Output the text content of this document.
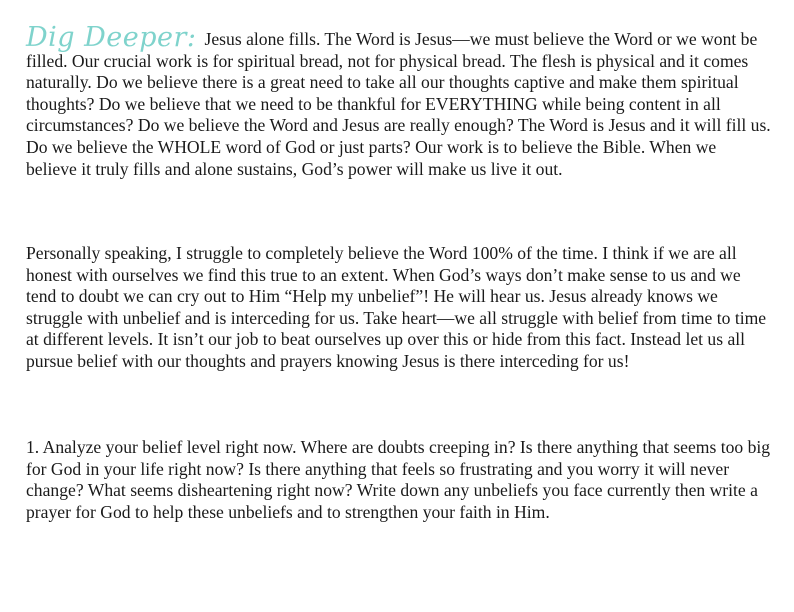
Dig Deeper: Jesus alone fills. The Word is Jesus—we must believe the Word or we wont be filled. Our crucial work is for spiritual bread, not for physical bread. The flesh is physical and it comes naturally. Do we believe there is a great need to take all our thoughts captive and make them spiritual thoughts? Do we believe that we need to be thankful for EVERYTHING while being content in all circumstances? Do we believe the Word and Jesus are really enough? The Word is Jesus and it will fill us. Do we believe the WHOLE word of God or just parts? Our work is to believe the Bible. When we believe it truly fills and alone sustains, God’s power will make us live it out.

Personally speaking, I struggle to completely believe the Word 100% of the time. I think if we are all honest with ourselves we find this true to an extent. When God’s ways don’t make sense to us and we tend to doubt we can cry out to Him “Help my unbelief”! He will hear us. Jesus already knows we struggle with unbelief and is interceding for us. Take heart—we all struggle with belief from time to time at different levels. It isn’t our job to beat ourselves up over this or hide from this fact. Instead let us all pursue belief with our thoughts and prayers knowing Jesus is there interceding for us!

1. Analyze your belief level right now. Where are doubts creeping in? Is there anything that seems too big for God in your life right now? Is there anything that feels so frustrating and you worry it will never change? What seems disheartening right now? Write down any unbeliefs you face currently then write a prayer for God to help these unbeliefs and to strengthen your faith in Him.
